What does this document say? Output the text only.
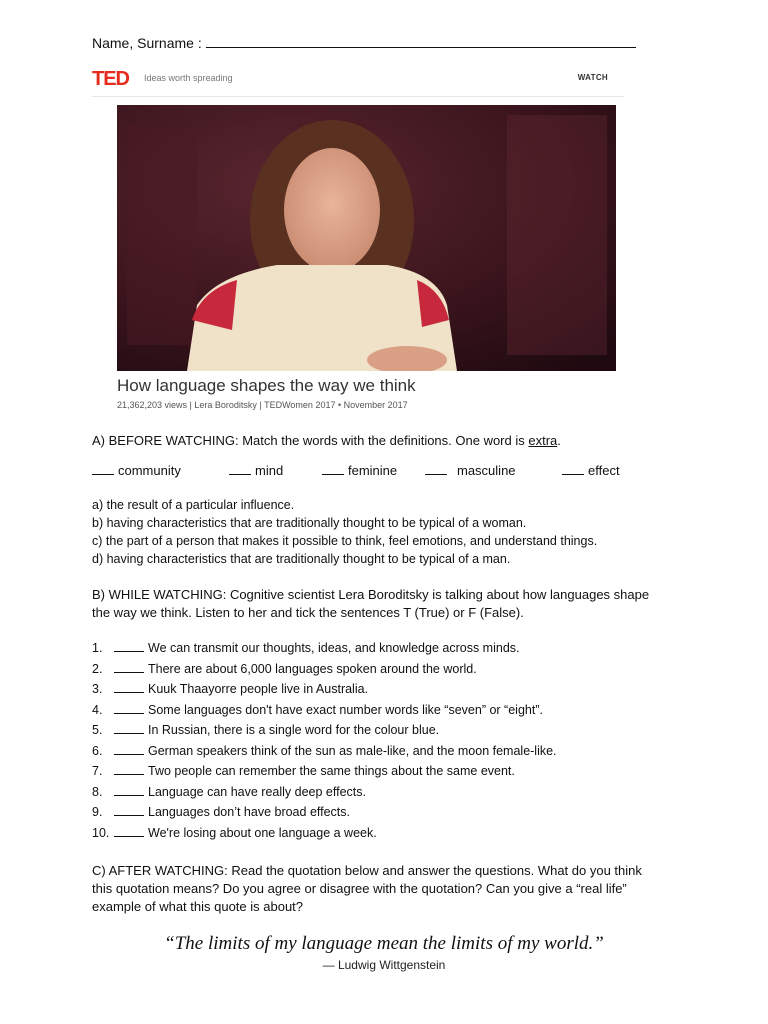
Name, Surname :
TED Ideas worth spreading	WATCH
How language shapes the way we think
21,362,203 views | Lera Boroditsky | TEDWomen 2017 • November 2017
A) BEFORE WATCHING: Match the words with the definitions. One word is extra.
community	mind	feminine	masculine	effect
a) the result of a particular influence.
b) having characteristics that are traditionally thought to be typical of a woman.
c) the part of a person that makes it possible to think, feel emotions, and understand things.
d) having characteristics that are traditionally thought to be typical of a man.
B) WHILE WATCHING: Cognitive scientist Lera Boroditsky is talking about how languages shape
the way we think. Listen to her and tick the sentences T (True) or F (False).
1.	We can transmit our thoughts, ideas, and knowledge across minds.
2.	There are about 6,000 languages spoken around the world.
3.	Kuuk Thaayorre people live in Australia.
4.	Some languages don't have exact number words like “seven” or “eight”.
5.	In Russian, there is a single word for the colour blue.
6.	German speakers think of the sun as male-like, and the moon female-like.
7.	Two people can remember the same things about the same event.
8.	Language can have really deep effects.
9.	Languages don’t have broad effects.
10.	We're losing about one language a week.
C) AFTER WATCHING: Read the quotation below and answer the questions. What do you think
this quotation means? Do you agree or disagree with the quotation? Can you give a “real life”
example of what this quote is about?
“The limits of my language mean the limits of my world.”
— Ludwig Wittgenstein
